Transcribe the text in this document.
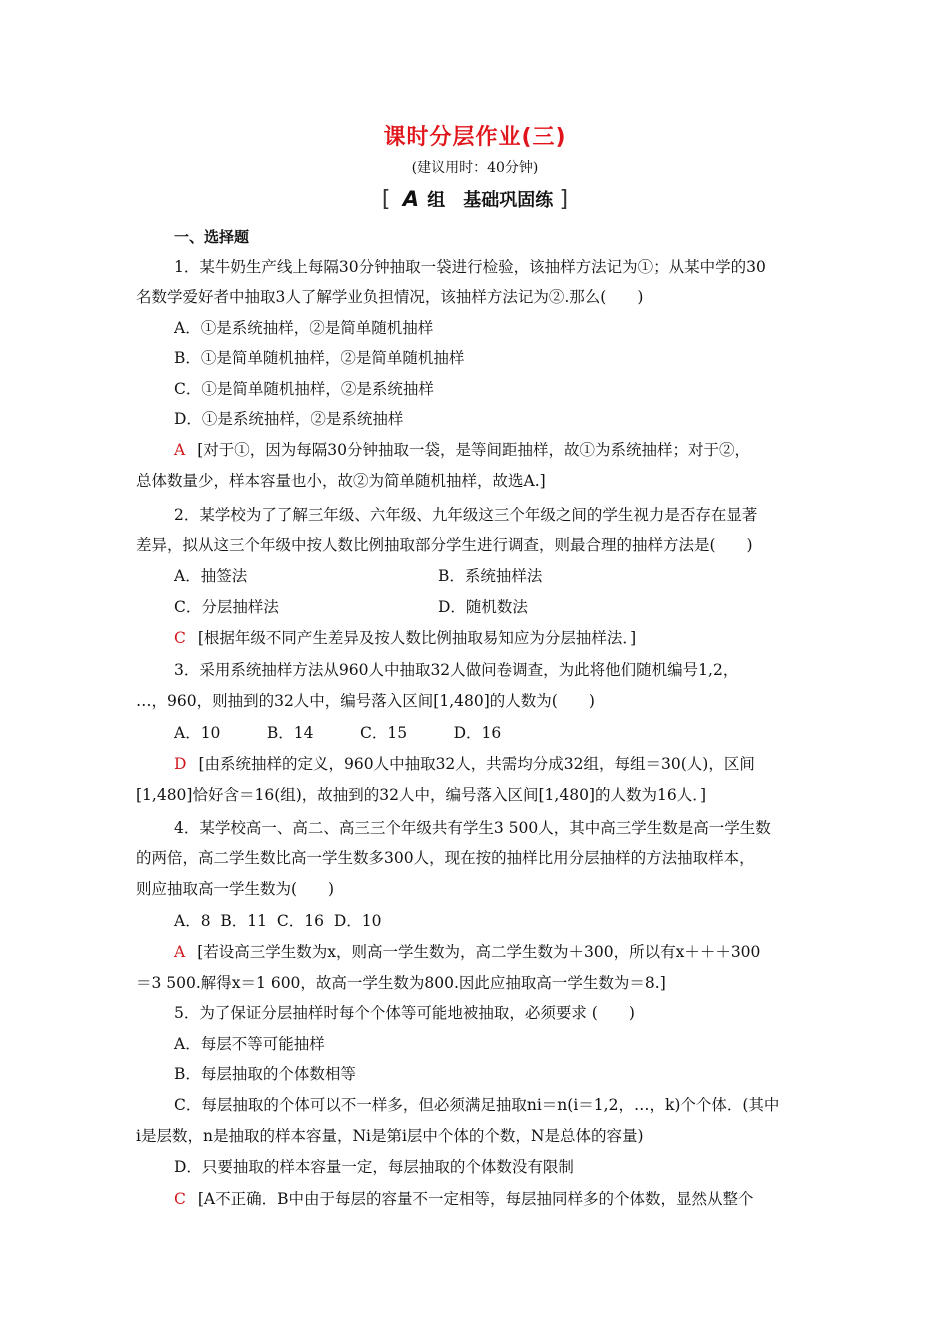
课时分层作业(三)
(建议用时：40分钟)
[ A 组　基础巩固练 ]
一、选择题
1．某牛奶生产线上每隔30分钟抽取一袋进行检验，该抽样方法记为①；从某中学的30
名数学爱好者中抽取3人了解学业负担情况，该抽样方法记为②.那么(　　)
A．①是系统抽样，②是简单随机抽样
B．①是简单随机抽样，②是简单随机抽样
C．①是简单随机抽样，②是系统抽样
D．①是系统抽样，②是系统抽样
A [对于①，因为每隔30分钟抽取一袋，是等间距抽样，故①为系统抽样；对于②，
总体数量少，样本容量也小，故②为简单随机抽样，故选A.]
2．某学校为了了解三年级、六年级、九年级这三个年级之间的学生视力是否存在显著
差异，拟从这三个年级中按人数比例抽取部分学生进行调查，则最合理的抽样方法是(　　)
A．抽签法	B．系统抽样法
C．分层抽样法	D．随机数法
C [根据年级不同产生差异及按人数比例抽取易知应为分层抽样法．]
3．采用系统抽样方法从960人中抽取32人做问卷调查，为此将他们随机编号1,2，
…，960，则抽到的32人中，编号落入区间[1,480]的人数为(　　)
A．10　　　B．14　　　C．15　　　D．16
D [由系统抽样的定义，960人中抽取32人，共需均分成32组，每组＝30(人)，区间
[1,480]恰好含＝16(组)，故抽到的32人中，编号落入区间[1,480]的人数为16人．]
4．某学校高一、高二、高三三个年级共有学生3 500人，其中高三学生数是高一学生数
的两倍，高二学生数比高一学生数多300人，现在按的抽样比用分层抽样的方法抽取样本，
则应抽取高一学生数为(　　)
A．8  B．11  C．16  D．10
A [若设高三学生数为x，则高一学生数为，高二学生数为＋300，所以有x＋＋＋300
＝3 500.解得x＝1 600，故高一学生数为800.因此应抽取高一学生数为＝8.]
5．为了保证分层抽样时每个个体等可能地被抽取，必须要求 (　　)
A．每层不等可能抽样
B．每层抽取的个体数相等
C．每层抽取的个体可以不一样多，但必须满足抽取ni＝n(i＝1,2，…，k)个个体．(其中
i是层数，n是抽取的样本容量，Ni是第i层中个体的个数，N是总体的容量)
D．只要抽取的样本容量一定，每层抽取的个体数没有限制
C [A不正确．B中由于每层的容量不一定相等，每层抽同样多的个体数，显然从整个
